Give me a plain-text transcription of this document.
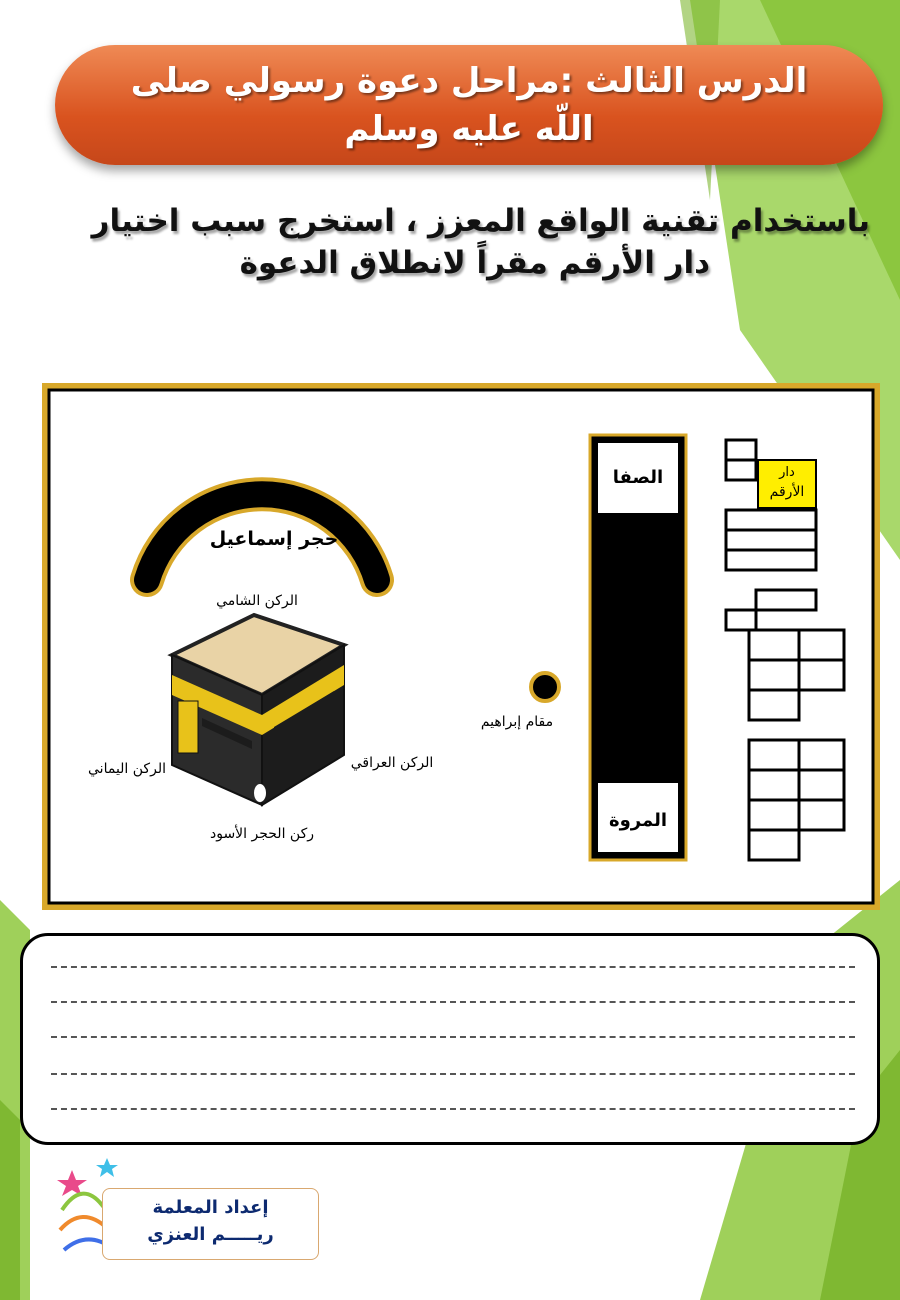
الدرس الثالث :مراحل دعوة رسولي صلى
اللّه عليه وسلم
باستخدام تقنية الواقع المعزز ، استخرج سبب اختيار
دار الأرقم مقراً لانطلاق الدعوة
حجر إسماعيل
الركن الشامي
الركن اليماني	الركن العراقي
ركن الحجر الأسود
مقام إبراهيم
الصفا
المروة
دار
الأرقم
إعداد المعلمة
ريـــــم العنزي
